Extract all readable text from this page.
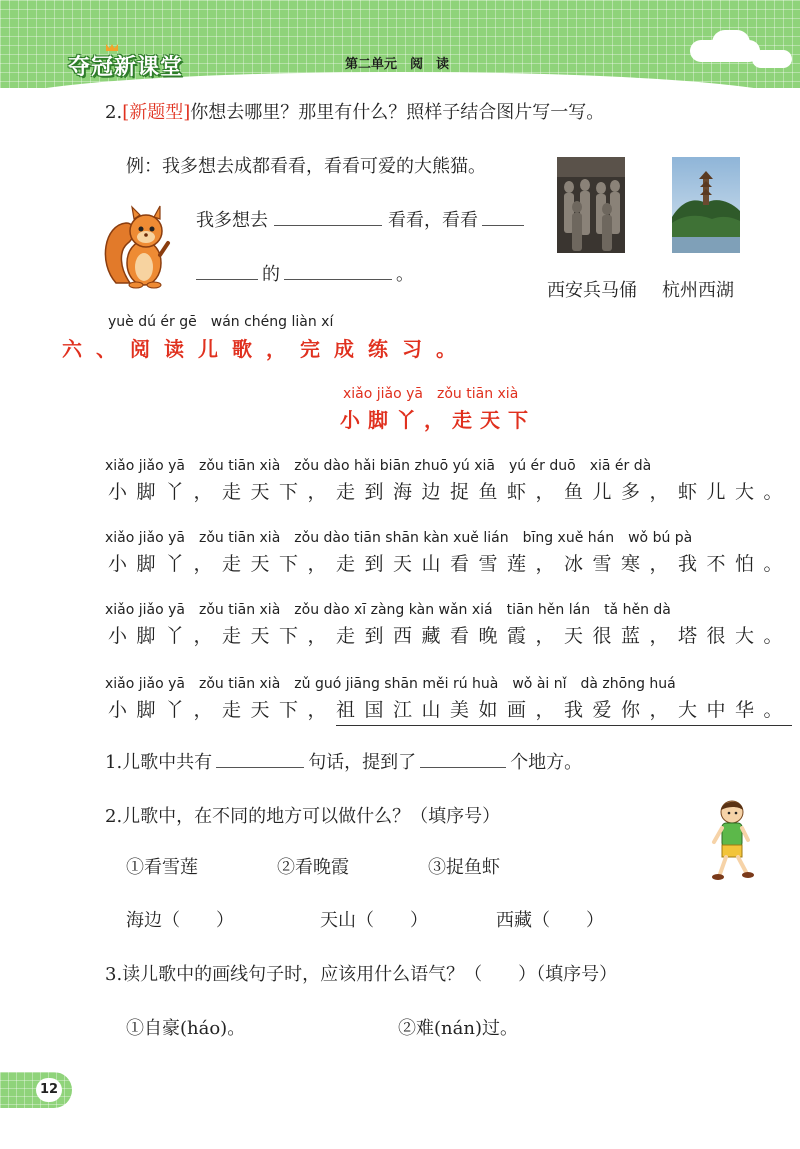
夺冠新课堂	第二单元　阅　读
2.[新题型]你想去哪里？那里有什么？照样子结合图片写一写。
例：我多想去成都看看，看看可爱的大熊猫。
我多想去	看看，看看
的	。
西安兵马俑 杭州西湖
yuè dú ér gē　wán chéng liàn xí
六、阅读儿歌，完成练习。
xiǎo jiǎo yā　zǒu tiān xià
小脚丫，走天下
xiǎo jiǎo yā　zǒu tiān xià　zǒu dào hǎi biān zhuō yú xiā　yú ér duō　xiā ér dà
小脚丫，走天下，走到海边捉鱼虾，鱼儿多，虾儿大。
xiǎo jiǎo yā　zǒu tiān xià　zǒu dào tiān shān kàn xuě lián　bīng xuě hán　wǒ bú pà
小脚丫，走天下，走到天山看雪莲，冰雪寒，我不怕。
xiǎo jiǎo yā　zǒu tiān xià　zǒu dào xī zàng kàn wǎn xiá　tiān hěn lán　tǎ hěn dà
小脚丫，走天下，走到西藏看晚霞，天很蓝，塔很大。
xiǎo jiǎo yā　zǒu tiān xià　zǔ guó jiāng shān měi rú huà　wǒ ài nǐ　dà zhōng huá
小脚丫，走天下，祖国江山美如画，我爱你，大中华。
1.儿歌中共有	句话，提到了	个地方。
2.儿歌中，在不同的地方可以做什么？（填序号）
①看雪莲	②看晚霞	③捉鱼虾
海边（　　）	天山（　　）	西藏（　　）
3.读儿歌中的画线句子时，应该用什么语气？（　　）（填序号）
①自豪(háo)。	②难(nán)过。
12
